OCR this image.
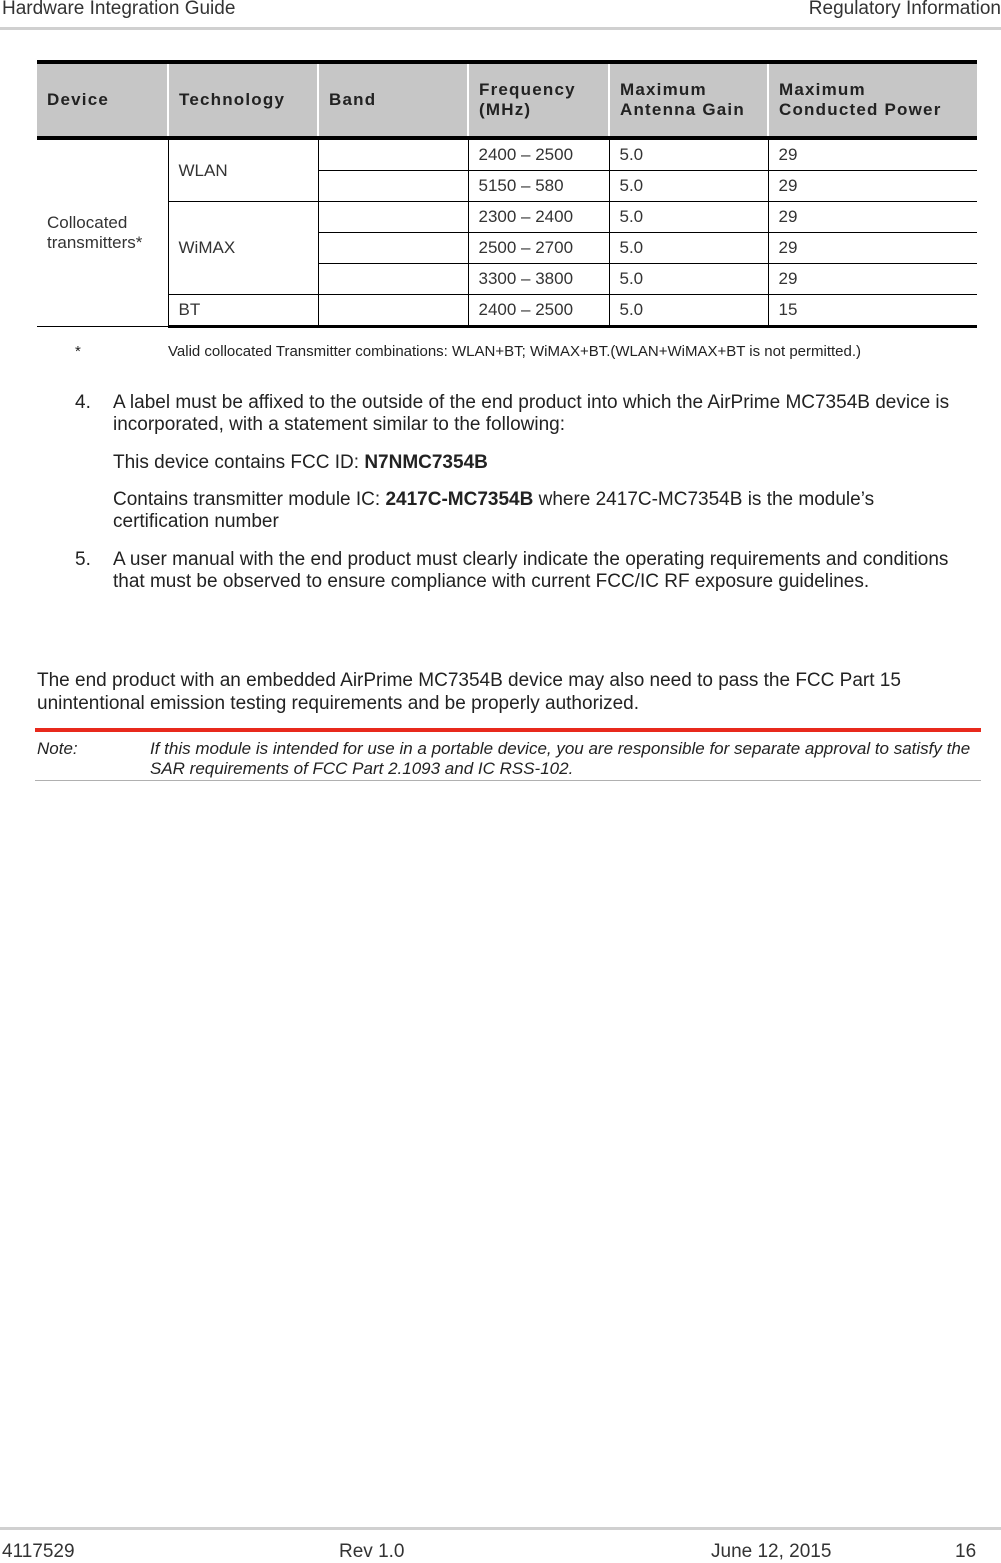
Hardware Integration Guide	Regulatory Information
Device	Technology	Band	Frequency (MHz)	Maximum Antenna Gain	Maximum Conducted Power
Collocated transmitters*	WLAN		2400 – 2500	5.0	29
			5150 – 580	5.0	29
	WiMAX		2300 – 2400	5.0	29
			2500 – 2700	5.0	29
			3300 – 3800	5.0	29
	BT		2400 – 2500	5.0	15
*	Valid collocated Transmitter combinations: WLAN+BT; WiMAX+BT.(WLAN+WiMAX+BT is not permitted.)
4. A label must be affixed to the outside of the end product into which the AirPrime MC7354B device is incorporated, with a statement similar to the following:
This device contains FCC ID: N7NMC7354B
Contains transmitter module IC: 2417C-MC7354B where 2417C-MC7354B is the module’s certification number
5. A user manual with the end product must clearly indicate the operating requirements and conditions that must be observed to ensure compliance with current FCC/IC RF exposure guidelines.
The end product with an embedded AirPrime MC7354B device may also need to pass the FCC Part 15 unintentional emission testing requirements and be properly authorized.
Note:	If this module is intended for use in a portable device, you are responsible for separate approval to satisfy the SAR requirements of FCC Part 2.1093 and IC RSS-102.
4117529	Rev 1.0	June 12, 2015	16
